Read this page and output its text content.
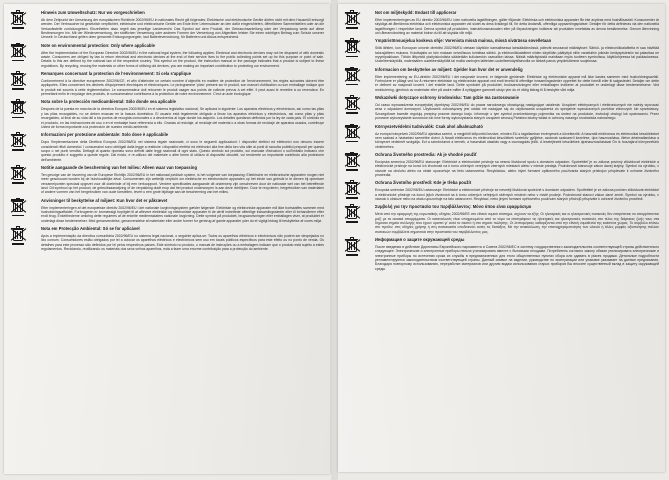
Hinweis zum Umweltschutz: Nur wo vorgeschrieben

Ab dem Zeitpunkt der Umsetzung der europäischen Richtlinie 2002/96/EU in nationales Recht gilt folgendes: Elektrische und elektronische Geräte dürfen nicht mit dem Hausmüll entsorgt werden. Der Verbraucher ist gesetzlich verpflichtet, elektrische und elektronische Geräte am Ende ihrer Lebensdauer an den dafür eingerichteten, öffentlichen Sammelstellen oder an die Verkaufsstelle zurückzugeben. Einzelheiten dazu regelt das jeweilige Landesrecht. Das Symbol auf dem Produkt, der Gebrauchsanleitung oder der Verpackung weist auf diese Bestimmungen hin. Mit der Wiederverwertung, der stofflichen Verwertung oder anderen Formen der Verwertung von Altgeräten leisten Sie einen wichtigen Beitrag zum Schutz unserer Umwelt. In Deutschland gelten oben genannte Entsorgungsregeln, laut Batterieverordnung, für Batterien und Akkus entsprechend.

Note on environmental protection: Only where applicable

After the implementation of the European Directive 2002/96/EU in the national legal system, the following applies: Electrical and electronic devices may not be disposed of with domestic waste. Consumers are obliged by law to return electrical and electronic devices at the end of their service lives to the public collecting points set up for this purpose or point of sale. Details to this are defined by the national law of the respective country. This symbol on the product, the instruction manual or the package indicates that a product is subject to these regulations. By recycling, reusing the materials or other forms of utilising old devices, you are making an important contribution to protecting our environment.

Remarques concernant la protection de l'environnement: Si cela s'applique

Conformément à la directive européenne 2002/96/CE, et afin d'atteindre un certain nombre d'objectifs en matière de protection de l'environnement, les règles suivantes doivent être appliquées. Elles concernent les déchets d'équipement électriques et électroniques. Le pictogramme 'picto' présent sur le produit, son manuel d'utilisation ou son emballage indique que le produit est soumis à cette règlementation. Le consommateur doit retourner le produit usager aux points de collecte prévus à cet effet. Il peut aussi le remettre à un revendeur. En permettant enfin le recyclage des produits, le consommateur contribuera à la protection de notre environnement. C'est un acte écologique.

Nota sobre la protección medioambiental: Sólo donde sea aplicable

Después de la puesta en marcha de la directiva Europea 2002/96/EU en el sistema legislativo nacional, Se aplicará lo siguiente: Los aparatos eléctricos y electrónicos, así como las pilas y las pilas recargables, no se deben evacuar en la basura doméstica. El usuario está legalmente obligado a llevar los aparatos eléctricos y electrónicos, así como pilas y pilas recargables, al final de su vida útil a los puntos de recogida comunales o a devolverlos al lugar donde los adquirió. Los detalles quedaran definidos por la ley de cada país. El símbolo en el producto, en las instrucciones de uso o en el embalaje hace referencia a ello. Gracias al reciclaje, al reciclaje del material o a otras formas de reciclaje de aparatos usados, contribuye Usted de forma importante a la protección de nuestro medio ambiente.

Informazioni per protezione ambientale: Solo dove è applicabile

Dopo l'implementazione della Direttiva Europea 2002/96/EU nel sistema legale nazionale, ci sono le seguenti applicazioni: I dispositivi elettrici ed elettronici non devono essere considerati rifiuti domestici. I consumatori sono obbligati dalla legge a restituire i dispositivi elettrici ed elettronici alla fine della loro vita utile ai punti di raccolta pubblici preposti per questo scopo o nei punti vendita. Dettagli di quanto riportato sono definiti dalle leggi nazionali di ogni stato. Questo simbolo sul prodotto, sul manuale d'istruzioni o sull'imballo indicano che questo prodotto è soggetto a queste regole. Dal riciclo, e re-utilizzo del materiale o altre forme di utilizzo di dispositivi obsoleti, voi renderete un importante contributo alla protezione dell'ambiente.

Notitie aangaande de bescherming van het milieu: Alleen waar van toepassing

Ten gevolge van de invoering van de Europese Richtlijn 2002/96/EU in het nationaal juridisch system, is het volgende van toepassing: Elektrische en elektronische apparaten mogen niet meer geschouwd worden bij de huishoudelijke afval. Consumenten zijn wettelijk verplicht om elektrische en elektronische apparaten op het einde van gebruik in te dienen bij openbare verzamelpunten speciaal opgezet voor dit doeleinde of bij een verkooppunt. Verdere specificaties aangaande dit onderwerp zijn omschreven door de nationale wet van het betreffende land. Dit symbool op het product, de gebruiksaanwijzing of de verpakking duidt erop dat het product onderworpen is aan deze richtlijnen. Door te recycleren, hergebruiken van materialen of andere vormen van het hergebruiken van oude toestellen, levert u een grote bijdrage aan de bescherming van het milieu.

Anvisninger til beskyttelse af miljøet: Kun hvor det er påkrævet

Efter implementeringen af det europæiske direktiv 2002/96/EU i det nationale lovgivningssystem gælder følgende: Elektriske og elektroniske apparater må ikke bortskaffes sammen med husholdningsaffaldet. Forbrugeren er lovmæssigt forpligtet til at aflevere elektriske og elektroniske apparater til de dertil indrettede offentlige indsamlingssteder eller til forhandleren efter endt brug. Enkelthederne omkring dette reguleres af de enkelte medlemsstaters nationale lovgivning. Dette symbol på produktet, brugsanvisningen eller emballagen viser, at produktet er underlagt disse bestemmelser. Med genanvendelse, genanvendelse af materialer eller andre former for genbrug af gamle apparater yder du et vigtigt bidrag til beskyttelse af vores miljø.

Nota em Protecção Ambiental: Só se for aplicável

Após a implementação da directiva comunitária 2002/96/EU no sistema legal nacional, o seguinte aplica-se: Todos os aparelhos eléctricos e electrónicos não podem ser despejados no lixo comum. Consumidores estão obrigados por lei a colocar os aparelhos eléctricos e electrónicos sem uso em locais públicos específicos para este efeito ou no ponto de venda. Os detalhes para este processo são definidos por lei pelos respectivos países. Este símbolo no produto, o manual de instruções ou a embalagem indicam que o produto está sujeito a estes regulamentos. Reciclando, reutilizando os materiais dos seus velhos aparelhos, está a fazer uma enorme contribuição para a protecção do ambiente.

Not om miljöskydd: Endast till applicerar

Efter implementeringen av EU direktiv 2002/96/EU i den nationella lagstiftningen, gäller följande: Elektriska och elektroniska apparater får inte avyttras med hushållsavfall. Konsumenter är skyldiga att återlämna elektriska och elektroniska apparater vid slutet av dess livslängd till, för detta ändamål, offentliga uppsamlingsplatser. Detaljer för detta definieras via den nationella lagstiftningen i respektive land. Denna symbol på produkten, instruktionsmanualen eller på förpackningen indikerar att produkten innefattas av denna bestämmelse. Genom återvinning och återanvändning av material bidrar du till att skydda vår miljö.

Ympäristönsuojelua koskeva ohje: Vorenista missä mainsa, missä sivärässa sovelletaan

Siitä lähtien, kun Euroopan unionin direktiivi 2002/96/EU otetaan käyttöön kansallisessa lainsäädännössä, pätevät seuraavat määräykset: Sähkö- ja elektroniikkalaitteita ei saa hävittää talousjätteen mukana. Kuluttajalla on lain mukaan velvollisuus toimittaa sähkö- ja elektroniikkalaitteet niiden käyttöiän päätyttyä niille varattuihin julkisiin keräyspisteisiin tai palauttaa ne myyntipaikkaan. Tähän liittyvistä yksityiskohdista säädetään kulloisenkin osavaltion laissa. Näistä määräyksistä mainitaan myös tuotteen symbolissa, käyttöohjeessa tai pakkauksessa. Uudelleenkäytöllä, materiaalien uudelleenkäytöllä tai muilla vanhojen laitteiden uudelleenkäyttötavoilla on tärkeä panos ympäristömme suojelussa.

Informacion om beskyttelse av miljøet: Gjelder kun hvor det er anvendelig

Etter implementering av EU-direktiv 2002/96/EU i det nasjonale lovverk, er følgende gjeldende: Elektriske og elektroniske apparat må ikke kastes sammen med husholdningsavfall. Forbrukere er pålagt ved lov å returnere elektriske og elektroniske apparat ved endt levetid til offentlige innsamlingssteder opprettet for dette formål eller til salgsstedet. Detaljer om dette er definert av nasjonalt lovverk i det enkelte land. Dette symbolet på produktet, bruksanvisningen eller emballasjen indikerer at produktet er underlagt disse bestemmelsene. Ved resirkulering, gjenbruk av materialer eller på andre måter å nyttiggjøre gammelt utstyr yter du et viktig bidrag til å beskytte vårt miljø.

Wskazówki dotyczące ochrony środowiska: Tam gdzie ma zastosowanie

Od czasu wprowadzenia europejskiej dyrektywy 2002/96/EU do prawa narodowego obowiązują następujące ustalenia: Urządzeń elektrycznych i elektronicznych nie należy wyrzucać wraz z odpadami domowymi. Użytkownik zobowiązany jest oddać nie nadające się do użytkowania urządzenia do specjalnie wyznaczonych punktów zbiorczych lub sprzedawcy. Szczegółowe kwestie regulują przepisy prawne danego kraju. Informuje o tym symbol przekreślonego pojemnika na śmieci na produkcie, instrukcji obsługi lub opakowaniu. Przez ponowne wykorzystanie surowców lub inne formy wykorzystania starych urządzeń wnoszą Państwo istotny wkład w ochronę naszego środowiska naturalnego.

Környezetvédelmi tudnivalók: Csak ahol alkalmazható

Az európai irányelvek 2002/96/EU ajánlása szerint, a megjelölt időponttól kezdve, minden EU-s tagállamban érvényesek a következők: A használt elektromos és elektronikai készülékeket nem szabad a háztartási szemétbe dobni. A fáradt elektromos és elektronikai készülékek szelektív gyűjtése, azoknak szakszerű kezelése, újra hasznosítása, illetve ártalmatlanítása a környezet védelmét szolgálja. Ezt a szimbólumot a termék, a használati utasítás vagy a csomagolás jelöli. A leselejtezett készülékek újrahasznosításával Ön is hozzájárul környezetünk védelméhez.

Ochrana životného prostredia: Ak je vhodné použiť

Európska smernica 2002/96/EU stanovuje: Elektrické a elektronické prístroje sa nesmú likvidovať spolu s domácim odpadom. Spotrebiteľ je zo zákona povinný zlikvidovať elektrické a elektronické prístroje na konci ich životnosti na k tomu určených verejných zberných miestach alebo v mieste predaja. Podrobnosti stanovuje zákon danej krajiny. Symbol na výrobku, v návode na obsluhu alebo na obale upozorňuje na tieto ustanovenia. Recykláciou, alebo inými formami opätovného používania starých prístrojov prispievate k ochrane životného prostredia.

Ochrana životního prostředí: Kde je třeba použít

Evropská směrnice 2002/96/EU ustanovuje: Elektrické a elektronické přístroje se nesmějí likvidovat společně s domácím odpadem. Spotřebitel je ze zákona povinen zlikvidovat elektrické a elektronické přístroje na konci jejich životnosti na k tomu určených veřejných sběrných místech nebo v místě prodeje. Podrobnosti stanoví zákon dané země. Symbol na výrobku, v návodu k obsluze nebo na obalu upozorňuje na tato ustanovení. Recyklací, nebo jinými formami opětovného používání starých přístrojů přispíváte k ochraně životního prostředí.

Συμβολή για την προστασία του περιβάλλοντος: Μόνο όπου είναι εφαρμόσιμο

Μετά από την εφαρμογή της ευρωπαϊκής οδηγίας 2002/96/ΕΕ στο εθνικό νομικό σύστημα, ισχύουν τα εξής: Οι ηλεκτρικές και οι ηλεκτρονικές συσκευές δεν επιτρέπεται να απορρίπτονται μαζί με τα οικιακά απορρίμματα. Οι καταναλωτές είναι υποχρεωμένοι από το νόμο να επιστρέφουν τις ηλεκτρικές και ηλεκτρονικές συσκευές στο τέλος της διάρκειας ζωής τους στα δημόσια σημεία συλλογής που έχουν οριστεί γι' αυτό το σκοπό ή στο σημείο πώλησης. Οι λεπτομέρειες καθορίζονται από την εθνική νομοθεσία της εκάστοτε χώρας. Το σύμβολο επάνω στο προϊόν, στις οδηγίες χρήσης ή στη συσκευασία υποδεικνύει αυτές τις διατάξεις. Με την ανακύκλωση, την επαναχρησιμοποίηση των υλικών ή άλλες μορφές αξιοποίησης παλιών συσκευών συμβάλλετε σημαντικά στην προστασία του περιβάλλοντος μας.

Информация о защите окружающей среды

После введения в действие Директивы Европейского парламента и Совета 2002/96/ЕС в систему государственного законодательства соответствующей страны действительно следующее: Электрические и электронные приборы нельзя утилизировать вместе с бытовыми отходами. Потребитель согласно закону обязан утилизировать электрические и электронные приборы по истечении срока их службы в предназначенных для этого общественных пунктах сбора или сдавать в places продажи. Детальные подробности регламентируются законодательством соответствующей страны. Данный символ на изделии, руководстве по эксплуатации или упаковке указывает на данные предписания. Благодаря повторному использованию, переработке материалов или другим видам использования старых приборов Вы вносите существенный вклад в защиту окружающей среды.
